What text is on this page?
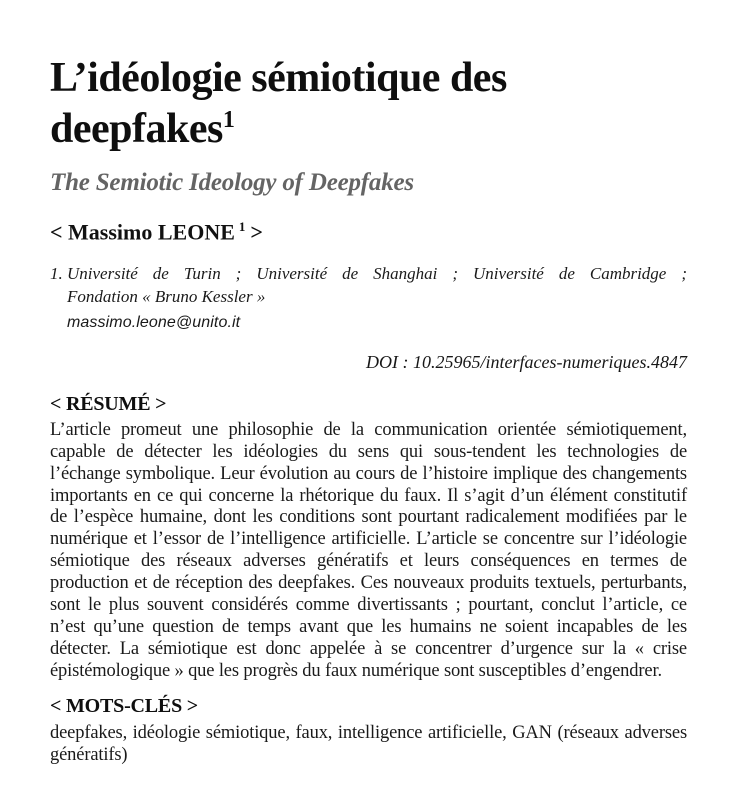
L’idéologie sémiotique des deepfakes$^1$
The Semiotic Ideology of Deepfakes
< Massimo LEONE $^1$ >
1. Université de Turin ; Université de Shanghai ; Université de Cambridge ;
Fondation « Bruno Kessler »
massimo.leone@unito.it
DOI : 10.25965/interfaces-numeriques.4847
< RÉSUMÉ >

L’article promeut une philosophie de la communication orientée sémiotiquement, capable de détecter les idéologies du sens qui sous-tendent les technologies de l’échange symbolique. Leur évolution au cours de l’histoire implique des changements importants en ce qui concerne la rhétorique du faux. Il s’agit d’un élément constitutif de l’espèce humaine, dont les conditions sont pourtant radicalement modifiées par le numérique et l’essor de l’intelligence artificielle. L’article se concentre sur l’idéologie sémiotique des réseaux adverses génératifs et leurs conséquences en termes de production et de réception des deepfakes. Ces nouveaux produits textuels, perturbants, sont le plus souvent considérés comme divertissants ; pourtant, conclut l’article, ce n’est qu’une question de temps avant que les humains ne soient incapables de les détecter. La sémiotique est donc appelée à se concentrer d’urgence sur la « crise épistémologique » que les progrès du faux numérique sont susceptibles d’engendrer.

< MOTS-CLÉS >

deepfakes, idéologie sémiotique, faux, intelligence artificielle, GAN (réseaux adverses génératifs)
